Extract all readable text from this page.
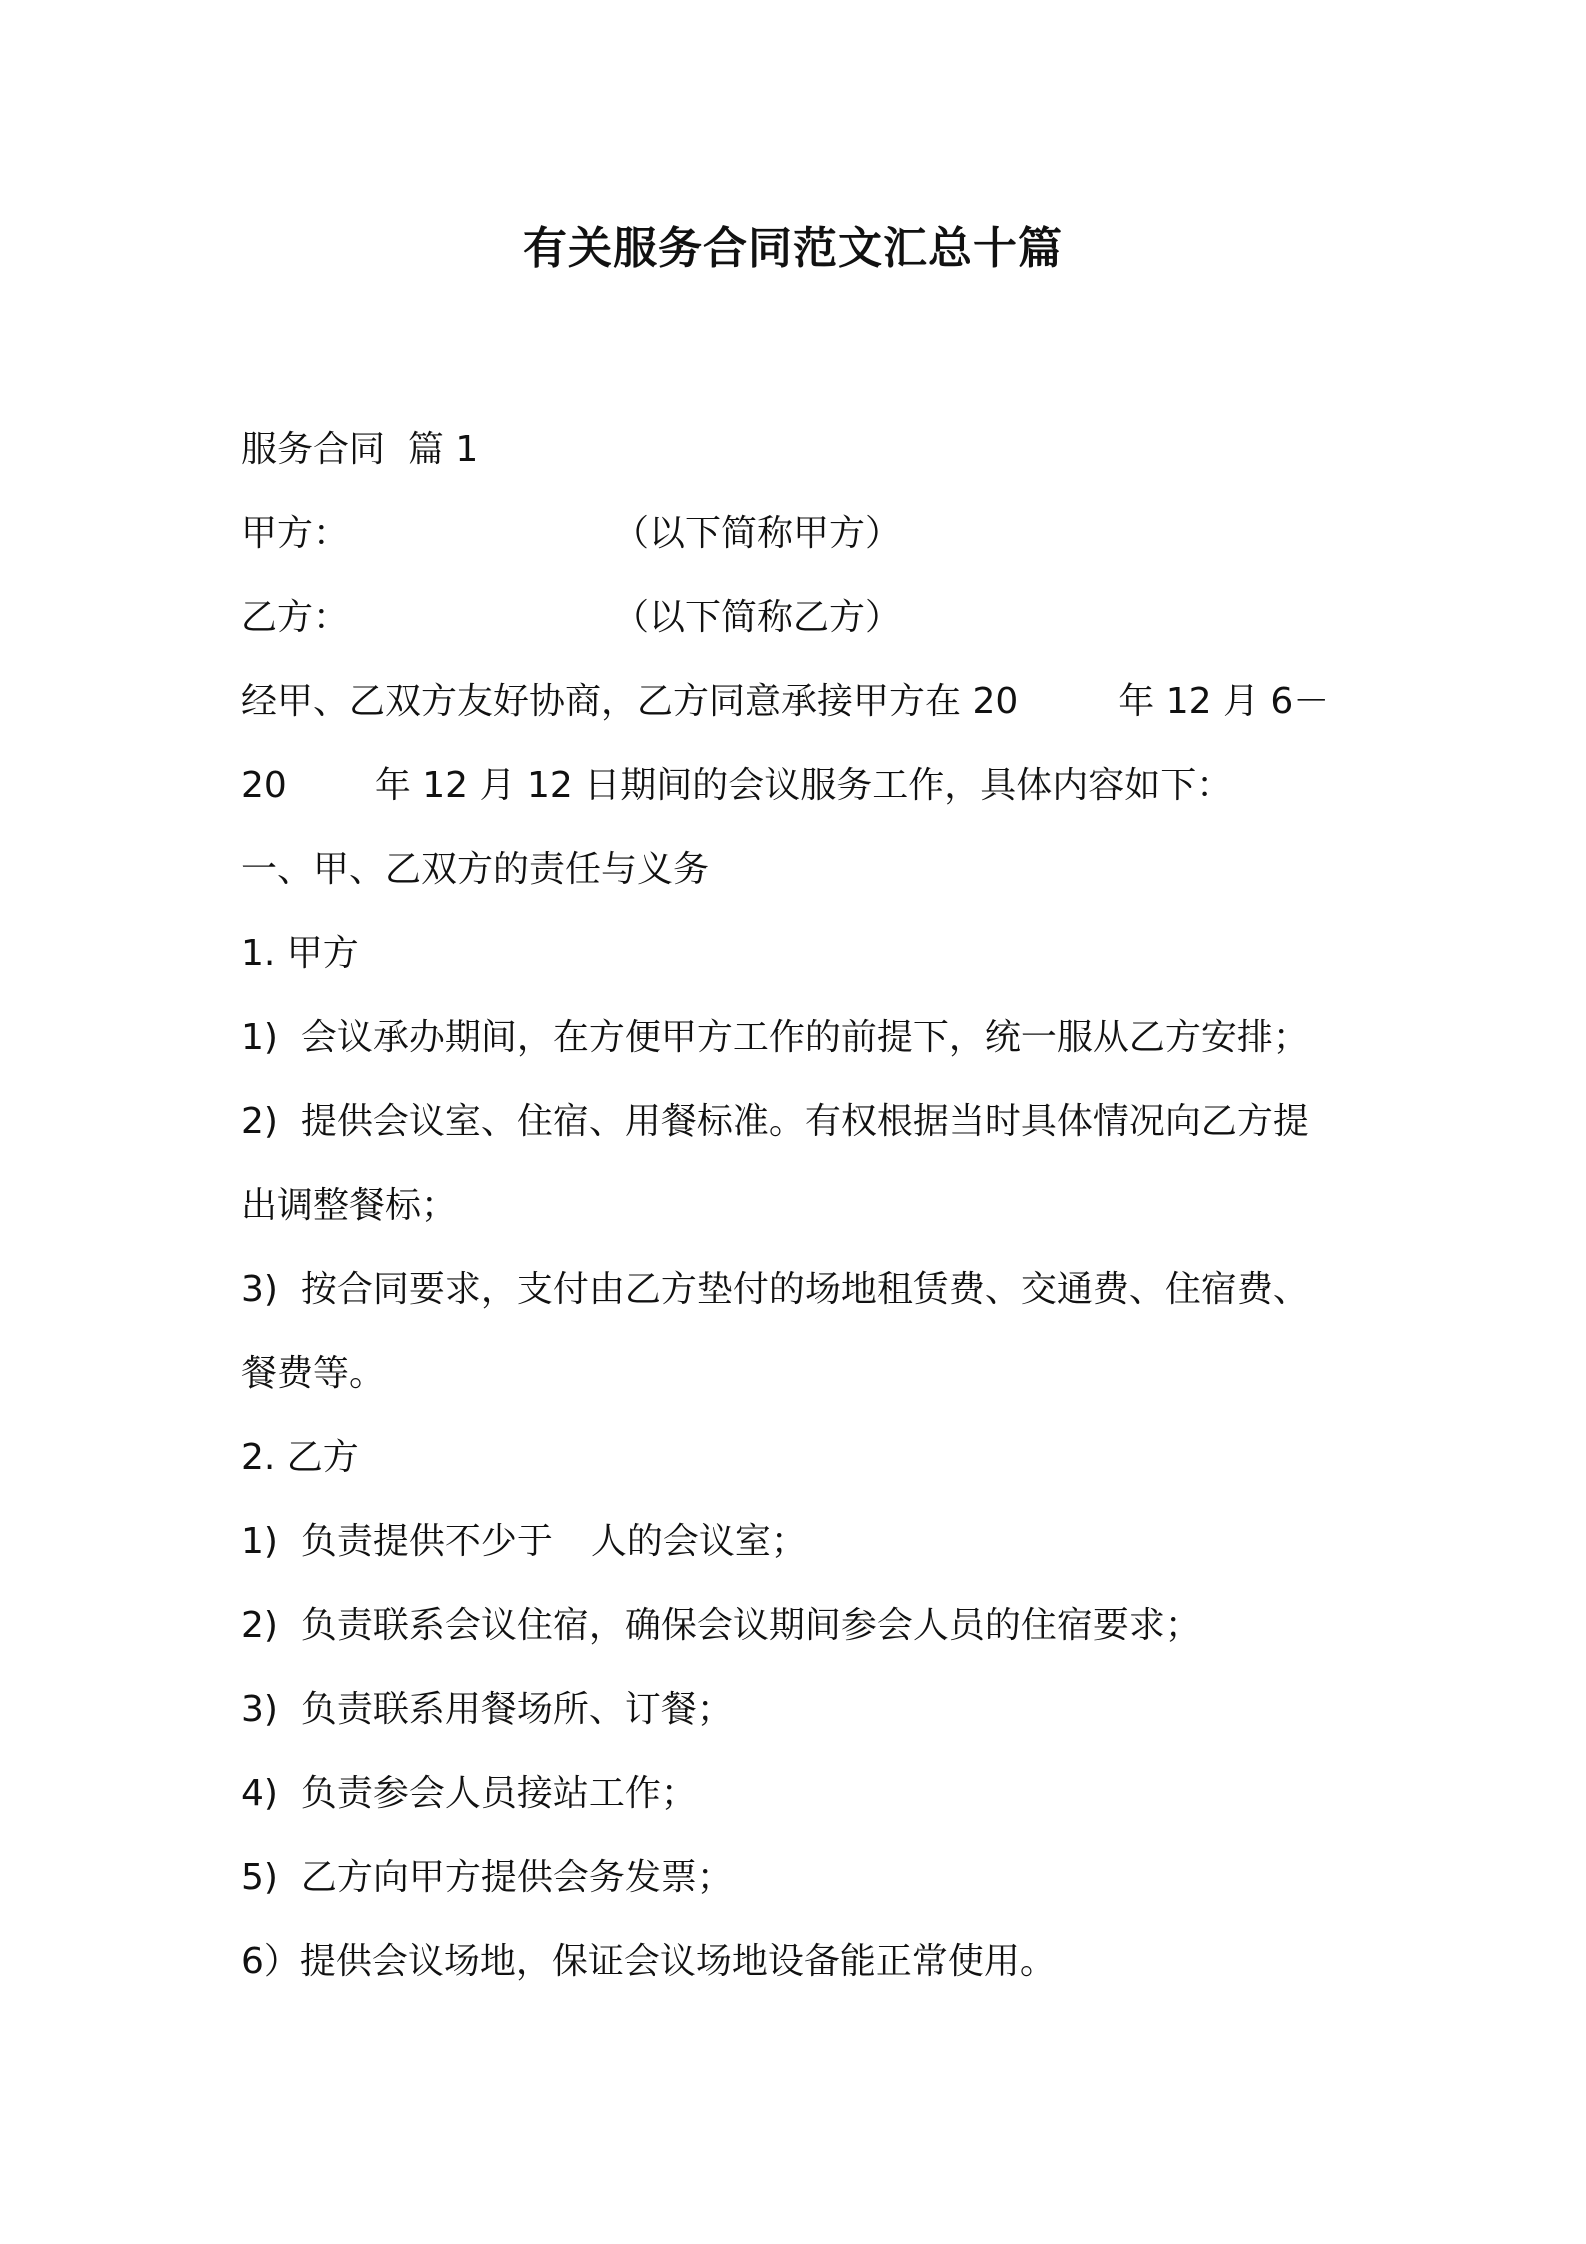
有关服务合同范文汇总十篇
服务合同  篇 1
甲方：	（以下简称甲方）
乙方：	（以下简称乙方）
经甲、乙双方友好协商，乙方同意承接甲方在 20	年 12 月 6－
20 年 12 月 12 日期间的会议服务工作，具体内容如下：
一、甲、乙双方的责任与义务
1. 甲方
1)  会议承办期间，在方便甲方工作的前提下，统一服从乙方安排；
2)  提供会议室、住宿、用餐标准。有权根据当时具体情况向乙方提
出调整餐标；
3)  按合同要求，支付由乙方垫付的场地租赁费、交通费、住宿费、
餐费等。
2. 乙方
1)  负责提供不少于 人的会议室；
2)  负责联系会议住宿，确保会议期间参会人员的住宿要求；
3)  负责联系用餐场所、订餐；
4)  负责参会人员接站工作；
5)  乙方向甲方提供会务发票；
6）提供会议场地，保证会议场地设备能正常使用。
